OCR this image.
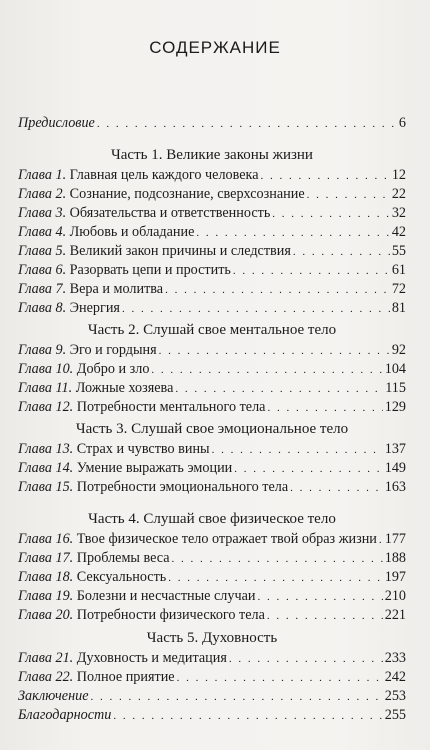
СОДЕРЖАНИЕ
Предисловие . . .	6
Часть 1. Великие законы жизни
Глава 1. Главная цель каждого человека . . .	12
Глава 2. Сознание, подсознание, сверхсознание . . .	22
Глава 3. Обязательства и ответственность . . .	32
Глава 4. Любовь и обладание . . .	42
Глава 5. Великий закон причины и следствия . . .	55
Глава 6. Разорвать цепи и простить . . .	61
Глава 7. Вера и молитва . . .	72
Глава 8. Энергия . . .	81
Часть 2. Слушай свое ментальное тело
Глава 9. Эго и гордыня . . .	92
Глава 10. Добро и зло . . .	104
Глава 11. Ложные хозяева . . .	115
Глава 12. Потребности ментального тела . . .	129
Часть 3. Слушай свое эмоциональное тело
Глава 13. Страх и чувство вины . . .	137
Глава 14. Умение выражать эмоции . . .	149
Глава 15. Потребности эмоционального тела . . .	163
Часть 4. Слушай свое физическое тело
Глава 16. Твое физическое тело отражает твой образ жизни . . . 177
Глава 17. Проблемы веса . . .	188
Глава 18. Сексуальность . . .	197
Глава 19. Болезни и несчастные случаи . . .	210
Глава 20. Потребности физического тела . . .	221
Часть 5. Духовность
Глава 21. Духовность и медитация . . .	233
Глава 22. Полное приятие . . .	242
Заключение . . .	253
Благодарности . . .	255
